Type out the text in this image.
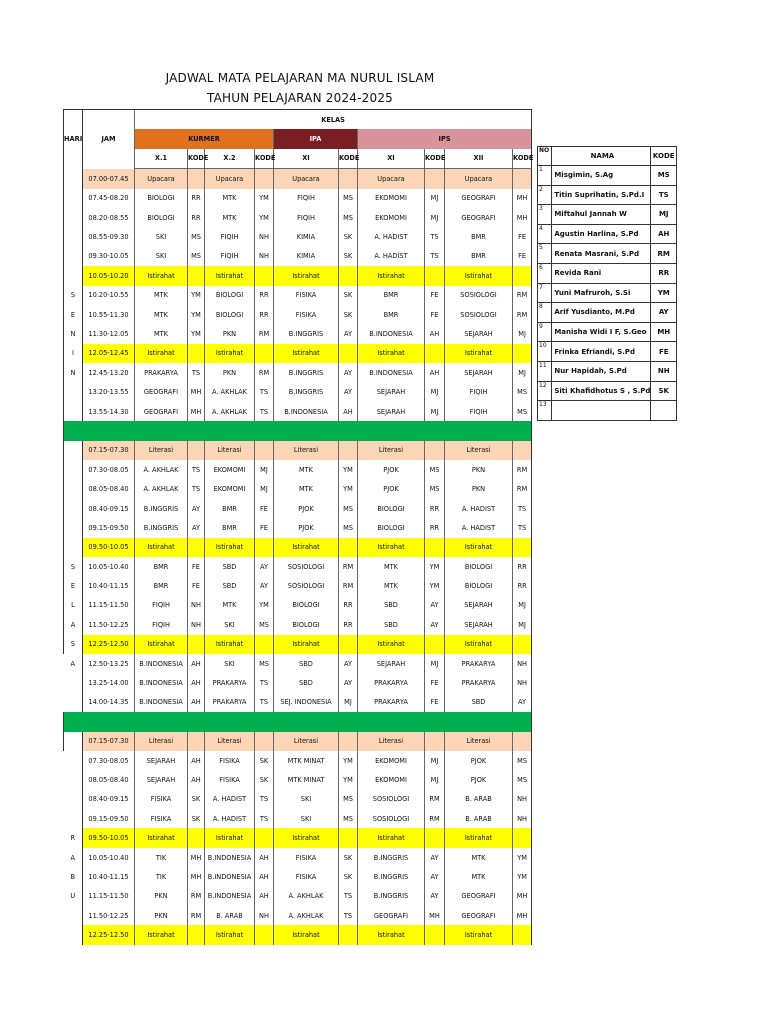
JADWAL MATA PELAJARAN MA NURUL ISLAM
TAHUN PELAJARAN 2024-2025
HARI	JAM	KELAS									
		KURMER				IPA		IPS			
		X.1	KODE	X.2	KODE	XI	KODE	XI	KODE	XII	KODE
	07.00-07.45	Upacara		Upacara		Upacara		Upacara		Upacara	
	07.45-08.20	BIOLOGI	RR	MTK	YM	FIQIH	MS	EKOMOMI	MJ	GEOGRAFI	MH
	08.20-08.55	BIOLOGI	RR	MTK	YM	FIQIH	MS	EKOMOMI	MJ	GEOGRAFI	MH
	08.55-09.30	SKI	MS	FIQIH	NH	KIMIA	SK	A. HADIST	TS	BMR	FE
	09.30-10.05	SKI	MS	FIQIH	NH	KIMIA	SK	A. HADIST	TS	BMR	FE
	10.05-10.20	Istirahat		Istirahat		Istirahat		Istirahat		Istirahat	
S	10.20-10.55	MTK	YM	BIOLOGI	RR	FISIKA	SK	BMR	FE	SOSIOLOGI	RM
E	10.55-11.30	MTK	YM	BIOLOGI	RR	FISIKA	SK	BMR	FE	SOSIOLOGI	RM
N	11.30-12.05	MTK	YM	PKN	RM	B.INGGRIS	AY	B.INDONESIA	AH	SEJARAH	MJ
I	12.05-12.45	Istirahat		Istirahat		Istirahat		Istirahat		Istirahat	
N	12.45-13.20	PRAKARYA	TS	PKN	RM	B.INGGRIS	AY	B.INDONESIA	AH	SEJARAH	MJ
	13.20-13.55	GEOGRAFI	MH	A. AKHLAK	TS	B.INGGRIS	AY	SEJARAH	MJ	FIQIH	MS
	13.55-14.30	GEOGRAFI	MH	A. AKHLAK	TS	B.INDONESIA	AH	SEJARAH	MJ	FIQIH	MS

	07.15-07.30	Literasi		Literasi		Literasi		Literasi		Literasi	
	07.30-08.05	A. AKHLAK	TS	EKOMOMI	MJ	MTK	YM	PJOK	MS	PKN	RM
	08.05-08.40	A. AKHLAK	TS	EKOMOMI	MJ	MTK	YM	PJOK	MS	PKN	RM
	08.40-09.15	B.INGGRIS	AY	BMR	FE	PJOK	MS	BIOLOGI	RR	A. HADIST	TS
	09.15-09.50	B.INGGRIS	AY	BMR	FE	PJOK	MS	BIOLOGI	RR	A. HADIST	TS
	09.50-10.05	Istirahat		Istirahat		Istirahat		Istirahat		Istirahat	
S	10.05-10.40	BMR	FE	SBD	AY	SOSIOLOGI	RM	MTK	YM	BIOLOGI	RR
E	10.40-11.15	BMR	FE	SBD	AY	SOSIOLOGI	RM	MTK	YM	BIOLOGI	RR
L	11.15-11.50	FIQIH	NH	MTK	YM	BIOLOGI	RR	SBD	AY	SEJARAH	MJ
A	11.50-12.25	FIQIH	NH	SKI	MS	BIOLOGI	RR	SBD	AY	SEJARAH	MJ
S	12.25-12.50	Istirahat		Istirahat		Istirahat		Istirahat		Istirahat	
A	12.50-13.25	B.INDONESIA	AH	SKI	MS	SBD	AY	SEJARAH	MJ	PRAKARYA	NH
	13.25-14.00	B.INDONESIA	AH	PRAKARYA	TS	SBD	AY	PRAKARYA	FE	PRAKARYA	NH
	14.00-14.35	B.INDONESIA	AH	PRAKARYA	TS	SEJ. INDONESIA	MJ	PRAKARYA	FE	SBD	AY

	07.15-07.30	Literasi		Literasi		Literasi		Literasi		Literasi	
	07.30-08.05	SEJARAH	AH	FISIKA	SK	MTK MINAT	YM	EKOMOMI	MJ	PJOK	MS
	08.05-08.40	SEJARAH	AH	FISIKA	SK	MTK MINAT	YM	EKOMOMI	MJ	PJOK	MS
	08.40-09.15	FISIKA	SK	A. HADIST	TS	SKI	MS	SOSIOLOGI	RM	B. ARAB	NH
	09.15-09.50	FISIKA	SK	A. HADIST	TS	SKI	MS	SOSIOLOGI	RM	B. ARAB	NH
R	09.50-10.05	Istirahat		Istirahat		Istirahat		Istirahat		Istirahat	
A	10.05-10.40	TIK	MH	B.INDONESIA	AH	FISIKA	SK	B.INGGRIS	AY	MTK	YM
B	10.40-11.15	TIK	MH	B.INDONESIA	AH	FISIKA	SK	B.INGGRIS	AY	MTK	YM
U	11.15-11.50	PKN	RM	B.INDONESIA	AH	A. AKHLAK	TS	B.INGGRIS	AY	GEOGRAFI	MH
	11.50-12.25	PKN	RM	B. ARAB	NH	A. AKHLAK	TS	GEOGRAFI	MH	GEOGRAFI	MH
	12.25-12.50	Istirahat		Istirahat		Istirahat		Istirahat		Istirahat	
NO	NAMA	KODE
1	Misgimin, S.Ag	MS
2	Titin Suprihatin, S.Pd.I	TS
3	Miftahul Jannah W	MJ
4	Agustin Harlina, S.Pd	AH
5	Renata Masrani, S.Pd	RM
6	Revida Rani	RR
7	Yuni Mafruroh, S.Si	YM
8	Arif Yusdianto, M.Pd	AY
9	Manisha Widi I F, S.Geo	MH
10	Frinka Efriandi, S.Pd	FE
11	Nur Hapidah, S.Pd	NH
12	Siti Khafidhotus S , S.Pd	SK
13		
